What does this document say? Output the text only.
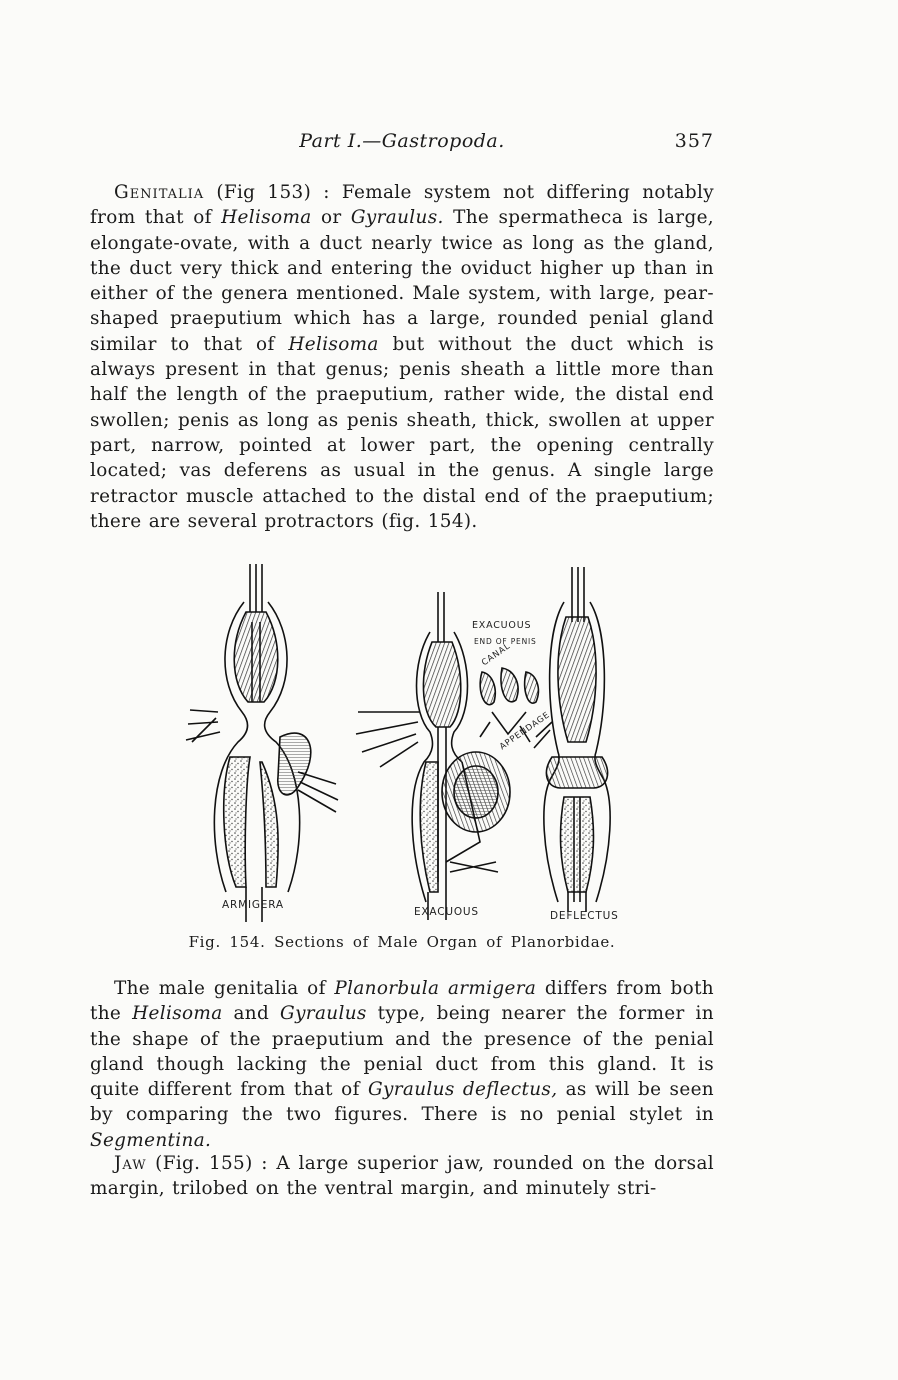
Part I.—Gastropoda.	357

Genitalia (Fig 153) : Female system not differing notably from that of Helisoma or Gyraulus. The spermatheca is large, elongate-ovate, with a duct nearly twice as long as the gland, the duct very thick and entering the oviduct higher up than in either of the genera mentioned. Male system, with large, pear-shaped praeputium which has a large, rounded penial gland similar to that of Helisoma but without the duct which is always present in that genus; penis sheath a little more than half the length of the praeputium, rather wide, the distal end swollen; penis as long as penis sheath, thick, swollen at upper part, narrow, pointed at lower part, the opening centrally located; vas deferens as usual in the genus. A single large retractor muscle attached to the distal end of the praeputium; there are several protractors (fig. 154).

ARMIGERA
EXACUOUS	DEFLECTUS
EXACUOUS
END OF PENIS
CANAL
APPENDAGE
Fig. 154. Sections of Male Organ of Planorbidae.

The male genitalia of Planorbula armigera differs from both the Helisoma and Gyraulus type, being nearer the former in the shape of the praeputium and the presence of the penial gland though lacking the penial duct from this gland. It is quite different from that of Gyraulus deflectus, as will be seen by comparing the two figures. There is no penial stylet in Segmentina.

Jaw (Fig. 155) : A large superior jaw, rounded on the dorsal margin, trilobed on the ventral margin, and minutely stri-
